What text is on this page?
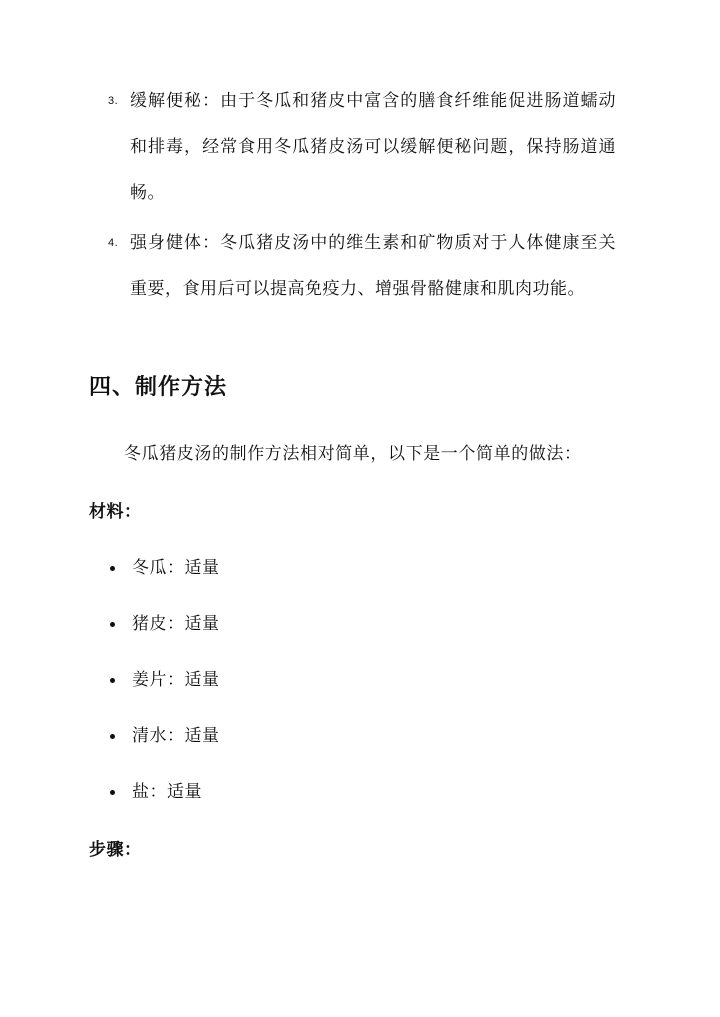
3. 缓解便秘：由于冬瓜和猪皮中富含的膳食纤维能促进肠道蠕动和排毒，经常食用冬瓜猪皮汤可以缓解便秘问题，保持肠道通畅。
4. 强身健体：冬瓜猪皮汤中的维生素和矿物质对于人体健康至关重要，食用后可以提高免疫力、增强骨骼健康和肌肉功能。
四、制作方法
冬瓜猪皮汤的制作方法相对简单，以下是一个简单的做法：
材料：
冬瓜：适量
猪皮：适量
姜片：适量
清水：适量
盐：适量
步骤：
